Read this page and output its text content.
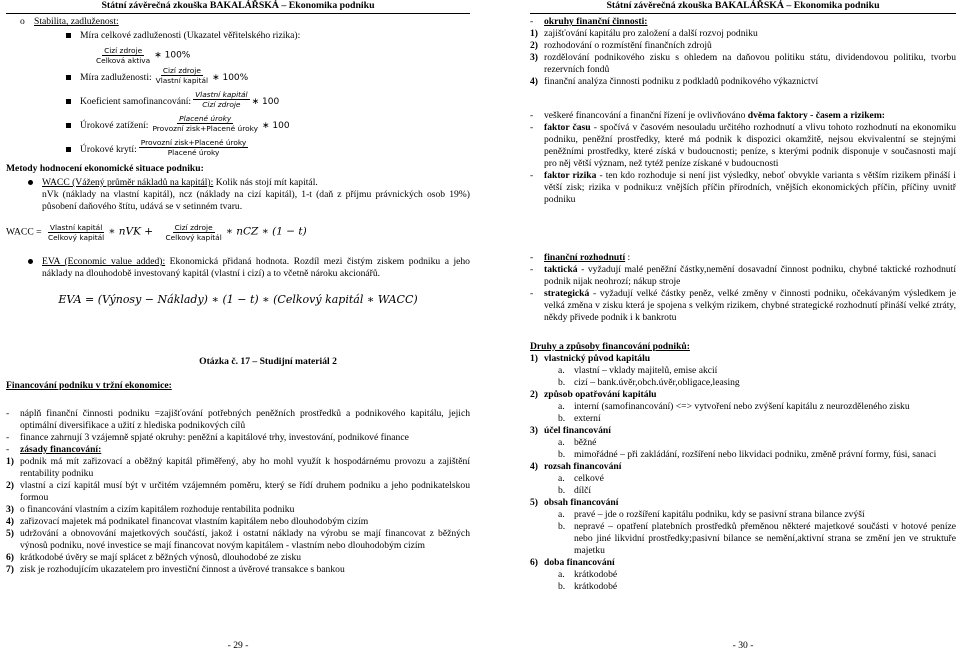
Státní závěrečná zkouška BAKALÁŘSKÁ – Ekonomika podniku
o Stabilita, zadluženost:
Míra celkové zadluženosti (Ukazatel věřitelského rizika):
$\frac{\text{Cizí zdroje}}{\text{Celková aktiva}}$ ∗ 100%
Míra zadluženosti: $\frac{\text{Cizí zdroje}}{\text{Vlastní kapitál}}$ ∗ 100%
Koeficient samofinancování: $\frac{\text{Vlastní kapitál}}{\text{Cizí zdroje}}$ ∗ 100
Úrokové zatížení: $\frac{\text{Placené úroky}}{\text{Provozní zisk+Placené úroky}}$ ∗ 100
Úrokové krytí: $\frac{\text{Provozní zisk+Placené úroky}}{\text{Placené úroky}}$
Metody hodnocení ekonomické situace podniku:
WACC (Vážený průměr nákladů na kapitál): Kolik nás stojí mít kapitál.
nVk (náklady na vlastní kapitál), ncz (náklady na cizí kapitál), 1-t (daň z příjmu právnických osob 19%) působení daňového štítu, udává se v setinném tvaru.
WACC = $\frac{\text{Vlastní kapitál}}{\text{Celkový kapitál}}$ ∗ nVK + $\frac{\text{Cizí zdroje}}{\text{Celkový kapitál}}$ ∗ nCZ ∗ (1 − t)
EVA (Economic value added): Ekonomická přidaná hodnota. Rozdíl mezi čistým ziskem podniku a jeho náklady na dlouhodobě investovaný kapitál (vlastní i cizí) a to včetně nároku akcionářů.
EVA = (Výnosy − Náklady) ∗ (1 − t) ∗ (Celkový kapitál ∗ WACC)
Otázka č. 17 – Studijní materiál 2
Financování podniku v tržní ekonomice:
-	náplň finanční činnosti podniku =zajišťování potřebných peněžních prostředků a podnikového kapitálu, jejich optimální diversifikace a užití z hlediska podnikových cílů
-	finance zahrnují 3 vzájemně spjaté okruhy: peněžní a kapitálové trhy, investování, podnikové finance
-	zásady financování:
1) podnik má mít zařizovací a oběžný kapitál přiměřený, aby ho mohl využít k hospodárnému provozu a zajištění rentability podniku
2) vlastní a cizí kapitál musí být v určitém vzájemném poměru, který se řídí druhem podniku a jeho podnikatelskou formou
3) o financování vlastním a cizím kapitálem rozhoduje rentabilita podniku
4) zařizovací majetek má podnikatel financovat vlastním kapitálem nebo dlouhodobým cizím
5) udržování a obnovování majetkových součástí, jakož i ostatní náklady na výrobu se mají financovat z běžných výnosů podniku, nové investice se mají financovat novým kapitálem - vlastním nebo dlouhodobým cizím
6) krátkodobé úvěry se mají splácet z běžných výnosů, dlouhodobé ze zisku
7) zisk je rozhodujícím ukazatelem pro investiční činnost a úvěrové transakce s bankou
- 29 -
Státní závěrečná zkouška BAKALÁŘSKÁ – Ekonomika podniku
-	okruhy finanční činnosti:
1) zajišťování kapitálu pro založení a další rozvoj podniku
2) rozhodování o rozmístění finančních zdrojů
3) rozdělování podnikového zisku s ohledem na daňovou politiku státu, dividendovou politiku, tvorbu rezervních fondů
4) finanční analýza činnosti podniku z podkladů podnikového výkaznictví
-	veškeré financování a finanční řízení je ovlivňováno dvěma faktory - časem a rizikem:
-	faktor času - spočívá v časovém nesouladu určitého rozhodnutí a vlivu tohoto rozhodnutí na ekonomiku podniku, peněžní prostředky, které má podnik k dispozici okamžitě, nejsou ekvivalentní se stejnými peněžními prostředky, které získá v budoucnosti; peníze, s kterými podnik disponuje v současnosti mají pro něj větší význam, než tytéž peníze získané v budoucnosti
-	faktor rizika - ten kdo rozhoduje si není jist výsledky, neboť obvykle varianta s větším rizikem přináší i větší zisk; rizika v podniku:z vnějších příčin přírodních, vnějších ekonomických příčin, příčiny uvnitř podniku
-	finanční rozhodnutí :
-	taktická - vyžadují malé peněžní částky,nemění dosavadní činnost podniku, chybné taktické rozhodnutí podnik nijak neohrozí; nákup stroje
-	strategická - vyžadují velké částky peněz, velké změny v činnosti podniku, očekávaným výsledkem je velká změna v zisku která je spojena s velkým rizikem, chybné strategické rozhodnutí přináší velké ztráty, někdy přivede podnik i k bankrotu
Druhy a způsoby financování podniků:
1) vlastnický původ kapitálu
a. vlastní – vklady majitelů, emise akcií
b. cizí – bank.úvěr,obch.úvěr,obligace,leasing
2) způsob opatřování kapitálu
a. interní (samofinancování) <=> vytvoření nebo zvýšení kapitálu z neurozděleného zisku
b. externí
3) účel financování
a. běžné
b. mimořádné – při zakládání, rozšíření nebo likvidaci podniku, změně právní formy, fúsi, sanaci
4) rozsah financování
a. celkové
b. dílčí
5) obsah financování
a. pravé – jde o rozšíření kapitálu podniku, kdy se pasivní strana bilance zvýší
b. nepravé – opatření platebních prostředků přeměnou některé majetkové součásti v hotové peníze nebo jiné likvidní prostředky;pasivní bilance se nemění,aktivní strana se změní jen ve struktuře majetku
6) doba financování
a. krátkodobé
b. krátkodobé
- 30 -
